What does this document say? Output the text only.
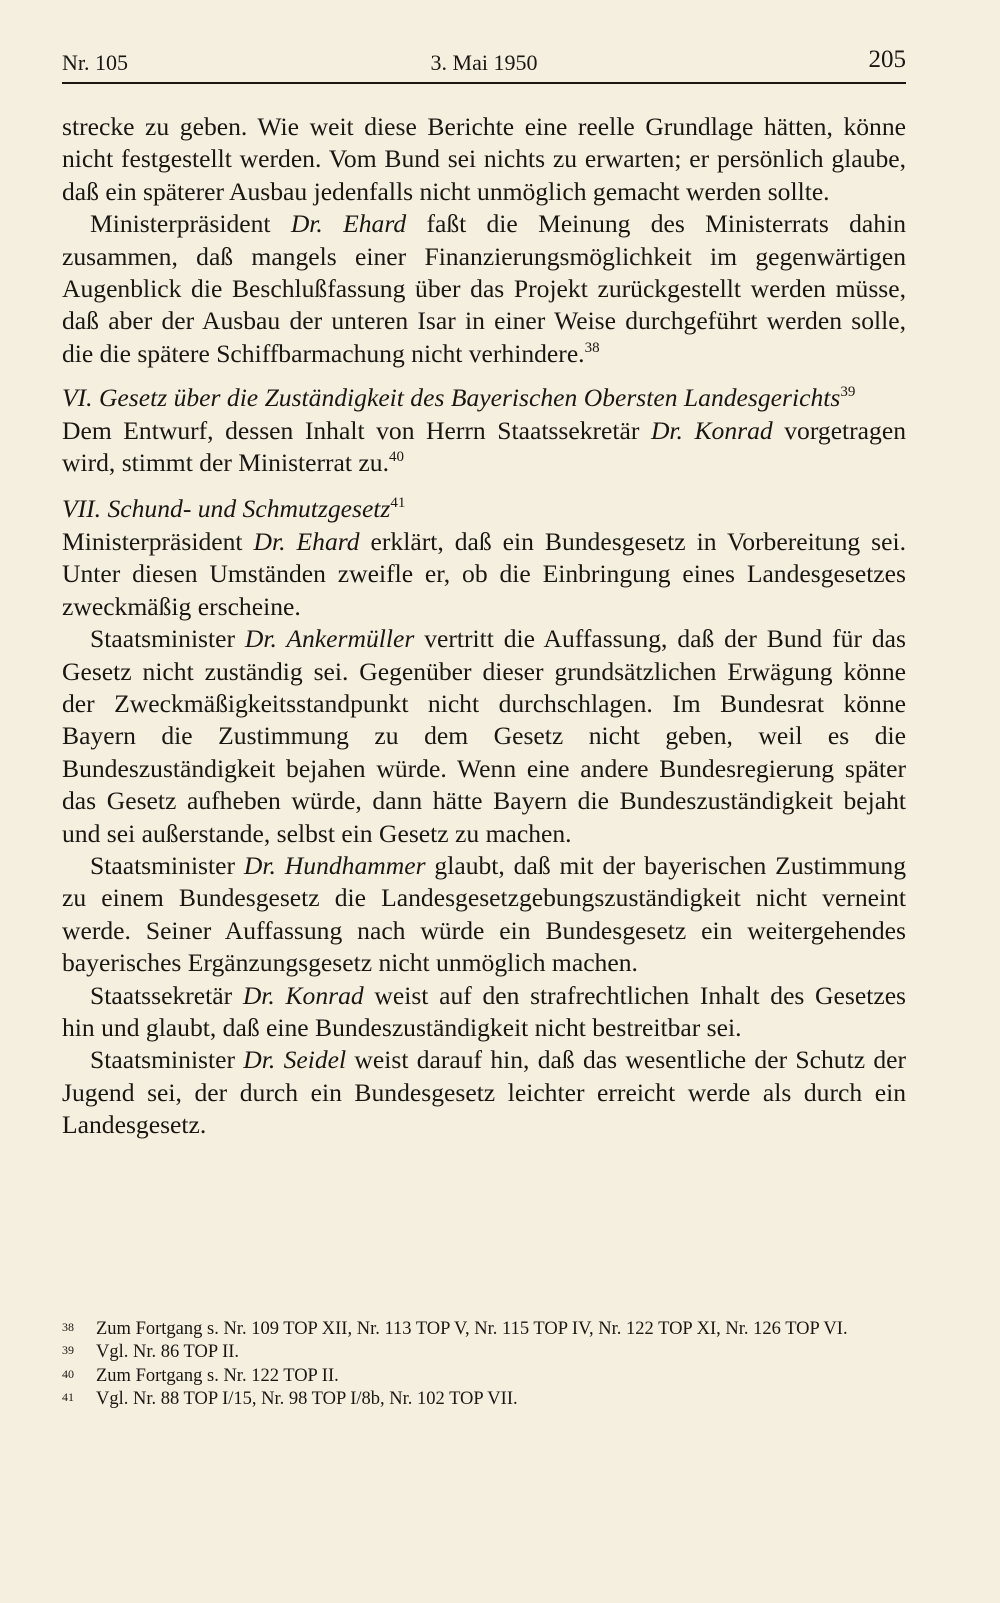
Nr. 105	3. Mai 1950	205

strecke zu geben. Wie weit diese Berichte eine reelle Grundlage hätten, könne nicht festgestellt werden. Vom Bund sei nichts zu erwarten; er persönlich glaube, daß ein späterer Ausbau jedenfalls nicht unmöglich gemacht werden sollte.

Ministerpräsident Dr. Ehard faßt die Meinung des Ministerrats dahin zusammen, daß mangels einer Finanzierungsmöglichkeit im gegenwärtigen Augenblick die Beschlußfassung über das Projekt zurückgestellt werden müsse, daß aber der Ausbau der unteren Isar in einer Weise durchgeführt werden solle, die die spätere Schiffbarmachung nicht verhindere.$^{38}$

VI. Gesetz über die Zuständigkeit des Bayerischen Obersten Landesgerichts$^{39}$

Dem Entwurf, dessen Inhalt von Herrn Staatssekretär Dr. Konrad vorgetragen wird, stimmt der Ministerrat zu.$^{40}$

VII. Schund- und Schmutzgesetz$^{41}$

Ministerpräsident Dr. Ehard erklärt, daß ein Bundesgesetz in Vorbereitung sei. Unter diesen Umständen zweifle er, ob die Einbringung eines Landesgesetzes zweckmäßig erscheine.

Staatsminister Dr. Ankermüller vertritt die Auffassung, daß der Bund für das Gesetz nicht zuständig sei. Gegenüber dieser grundsätzlichen Erwägung könne der Zweckmäßigkeitsstandpunkt nicht durchschlagen. Im Bundesrat könne Bayern die Zustimmung zu dem Gesetz nicht geben, weil es die Bundeszuständigkeit bejahen würde. Wenn eine andere Bundesregierung später das Gesetz aufheben würde, dann hätte Bayern die Bundeszuständigkeit bejaht und sei außerstande, selbst ein Gesetz zu machen.

Staatsminister Dr. Hundhammer glaubt, daß mit der bayerischen Zustimmung zu einem Bundesgesetz die Landesgesetzgebungszuständigkeit nicht verneint werde. Seiner Auffassung nach würde ein Bundesgesetz ein weitergehendes bayerisches Ergänzungsgesetz nicht unmöglich machen.

Staatssekretär Dr. Konrad weist auf den strafrechtlichen Inhalt des Gesetzes hin und glaubt, daß eine Bundeszuständigkeit nicht bestreitbar sei.

Staatsminister Dr. Seidel weist darauf hin, daß das wesentliche der Schutz der Jugend sei, der durch ein Bundesgesetz leichter erreicht werde als durch ein Landesgesetz.

38	Zum Fortgang s. Nr. 109 TOP XII, Nr. 113 TOP V, Nr. 115 TOP IV, Nr. 122 TOP XI, Nr. 126 TOP VI.
39	Vgl. Nr. 86 TOP II.
40	Zum Fortgang s. Nr. 122 TOP II.
41	Vgl. Nr. 88 TOP I/15, Nr. 98 TOP I/8b, Nr. 102 TOP VII.
